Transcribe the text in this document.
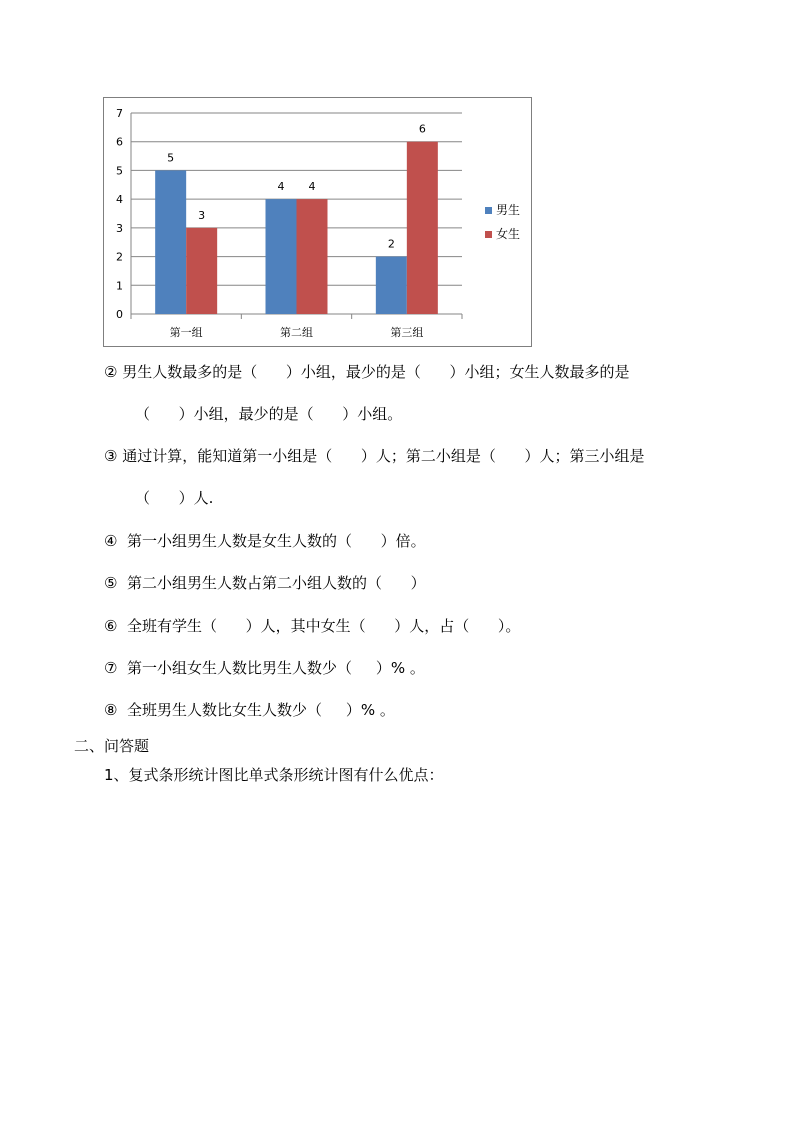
0
1
2
3
4
5
6
7
5
3
第一组
4 4
第二组
2
6
第三组
男生
女生
② 男生人数最多的是（      ）小组，最少的是（      ）小组；女生人数最多的是
（      ）小组，最少的是（      ）小组。
③ 通过计算，能知道第一小组是（      ）人；第二小组是（      ）人；第三小组是
（      ）人.
④  第一小组男生人数是女生人数的（      ）倍。
⑤  第二小组男生人数占第二小组人数的（      ）
⑥  全班有学生（      ）人，其中女生（      ）人，占（      ）。
⑦  第一小组女生人数比男生人数少（     ）% 。
⑧  全班男生人数比女生人数少（     ）% 。
二、问答题
1、复式条形统计图比单式条形统计图有什么优点：
